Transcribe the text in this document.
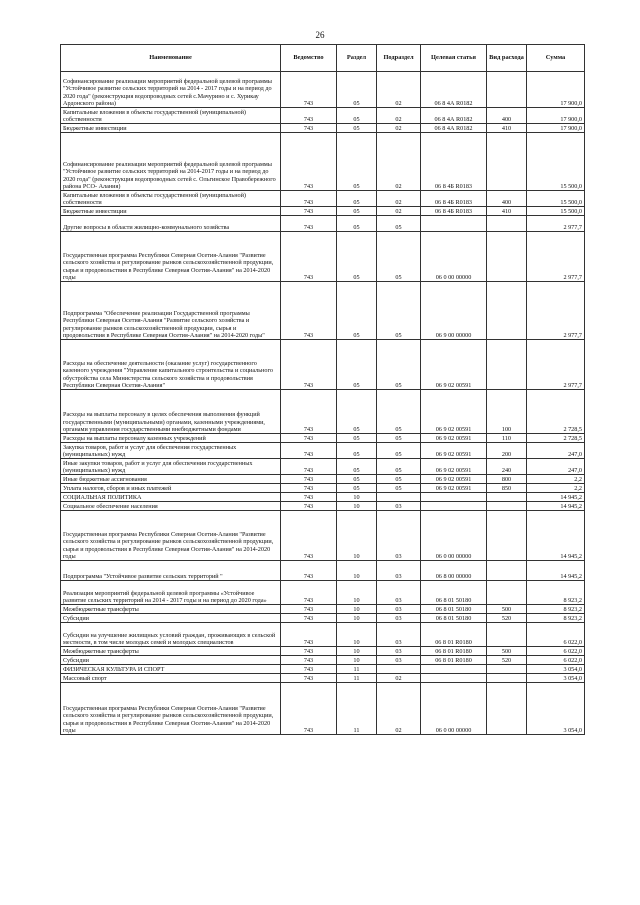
26
Наименование	Ведомство	Раздел	Подраздел	Целевая статья	Вид расхода	Сумма
Софинансирование реализации мероприятий федеральной целевой программы "Устойчивое развитие сельских территорий на 2014 - 2017 годы и на период до 2020 года" (реконструкция водопроводных сетей с.Мачурино и с. Хурикау Ардонского района)	743	05	02	06 8 4А R0182		17 900,0
Капитальные вложения в объекты государственной (муниципальной) собственности	743	05	02	06 8 4А R0182	400	17 900,0
Бюджетные инвестиции	743	05	02	06 8 4А R0182	410	17 900,0
Софинансирование реализации мероприятий федеральной целевой программы "Устойчивое развитие сельских территорий на 2014-2017 годы и на период до 2020 года" (реконструкция водопроводных сетей с. Ольгинское Правобережного района РСО- Алания)	743	05	02	06 8 4Б R0183		15 500,0
Капитальные вложения в объекты государственной (муниципальной) собственности	743	05	02	06 8 4Б R0183	400	15 500,0
Бюджетные инвестиции	743	05	02	06 8 4Б R0183	410	15 500,0
Другие вопросы в области жилищно-коммунального хозяйства	743	05	05			2 977,7
Государственная программа Республики Северная Осетия-Алания "Развитие сельского хозяйства и регулирование рынков сельскохозяйственной продукции, сырья и продовольствия в Республике Северная Осетия-Алания" на 2014-2020 годы	743	05	05	06 0 00 00000		2 977,7
Подпрограмма "Обеспечение реализации Государственной программы Республики Северная Осетия-Алания "Развитие сельского хозяйства и регулирование рынков сельскохозяйственной продукции, сырья и продовольствия в Республике Северная Осетия-Алания" на 2014-2020 годы"	743	05	05	06 9 00 00000		2 977,7
Расходы на обеспечение деятельности (оказание услуг) государственного казенного учреждения "Управление капитального строительства и социального обустройства села Министерства сельского хозяйства и продовольствия Республики Северная Осетия-Алания"	743	05	05	06 9 02 00591		2 977,7
Расходы на выплаты персоналу в целях обеспечения выполнения функций государственными (муниципальными) органами, казенными учреждениями, органами управления государственными внебюджетными фондами	743	05	05	06 9 02 00591	100	2 728,5
Расходы на выплаты персоналу казенных учреждений	743	05	05	06 9 02 00591	110	2 728,5
Закупка товаров, работ и услуг для обеспечения государственных (муниципальных) нужд	743	05	05	06 9 02 00591	200	247,0
Иные закупки товаров, работ и услуг для обеспечения государственных (муниципальных) нужд	743	05	05	06 9 02 00591	240	247,0
Иные бюджетные ассигнования	743	05	05	06 9 02 00591	800	2,2
Уплата налогов, сборов и иных платежей	743	05	05	06 9 02 00591	850	2,2
СОЦИАЛЬНАЯ ПОЛИТИКА	743	10				14 945,2
Социальное обеспечение населения	743	10	03			14 945,2
Государственная программа Республики Северная Осетия-Алания "Развитие сельского хозяйства и регулирование рынков сельскохозяйственной продукции, сырья и продовольствия в Республике Северная Осетия-Алания" на 2014-2020 годы	743	10	03	06 0 00 00000		14 945,2
Подпрограмма "Устойчивое развитие сельских территорий "	743	10	03	06 8 00 00000		14 945,2
Реализация мероприятий федеральной целевой программы «Устойчивое развитие сельских территорий на 2014 - 2017 годы и на период до 2020 года»	743	10	03	06 8 01 50180		8 923,2
Межбюджетные трансферты	743	10	03	06 8 01 50180	500	8 923,2
Субсидии	743	10	03	06 8 01 50180	520	8 923,2
Субсидии на улучшение жилищных условий граждан, проживающих в сельской местности, в том числе молодых семей и молодых специалистов	743	10	03	06 8 01 R0180		6 022,0
Межбюджетные трансферты	743	10	03	06 8 01 R0180	500	6 022,0
Субсидии	743	10	03	06 8 01 R0180	520	6 022,0
ФИЗИЧЕСКАЯ КУЛЬТУРА И СПОРТ	743	11				3 054,0
Массовый спорт	743	11	02			3 054,0
Государственная программа Республики Северная Осетия-Алания "Развитие сельского хозяйства и регулирование рынков сельскохозяйственной продукции, сырья и продовольствия в Республике Северная Осетия-Алания" на 2014-2020 годы	743	11	02	06 0 00 00000		3 054,0
